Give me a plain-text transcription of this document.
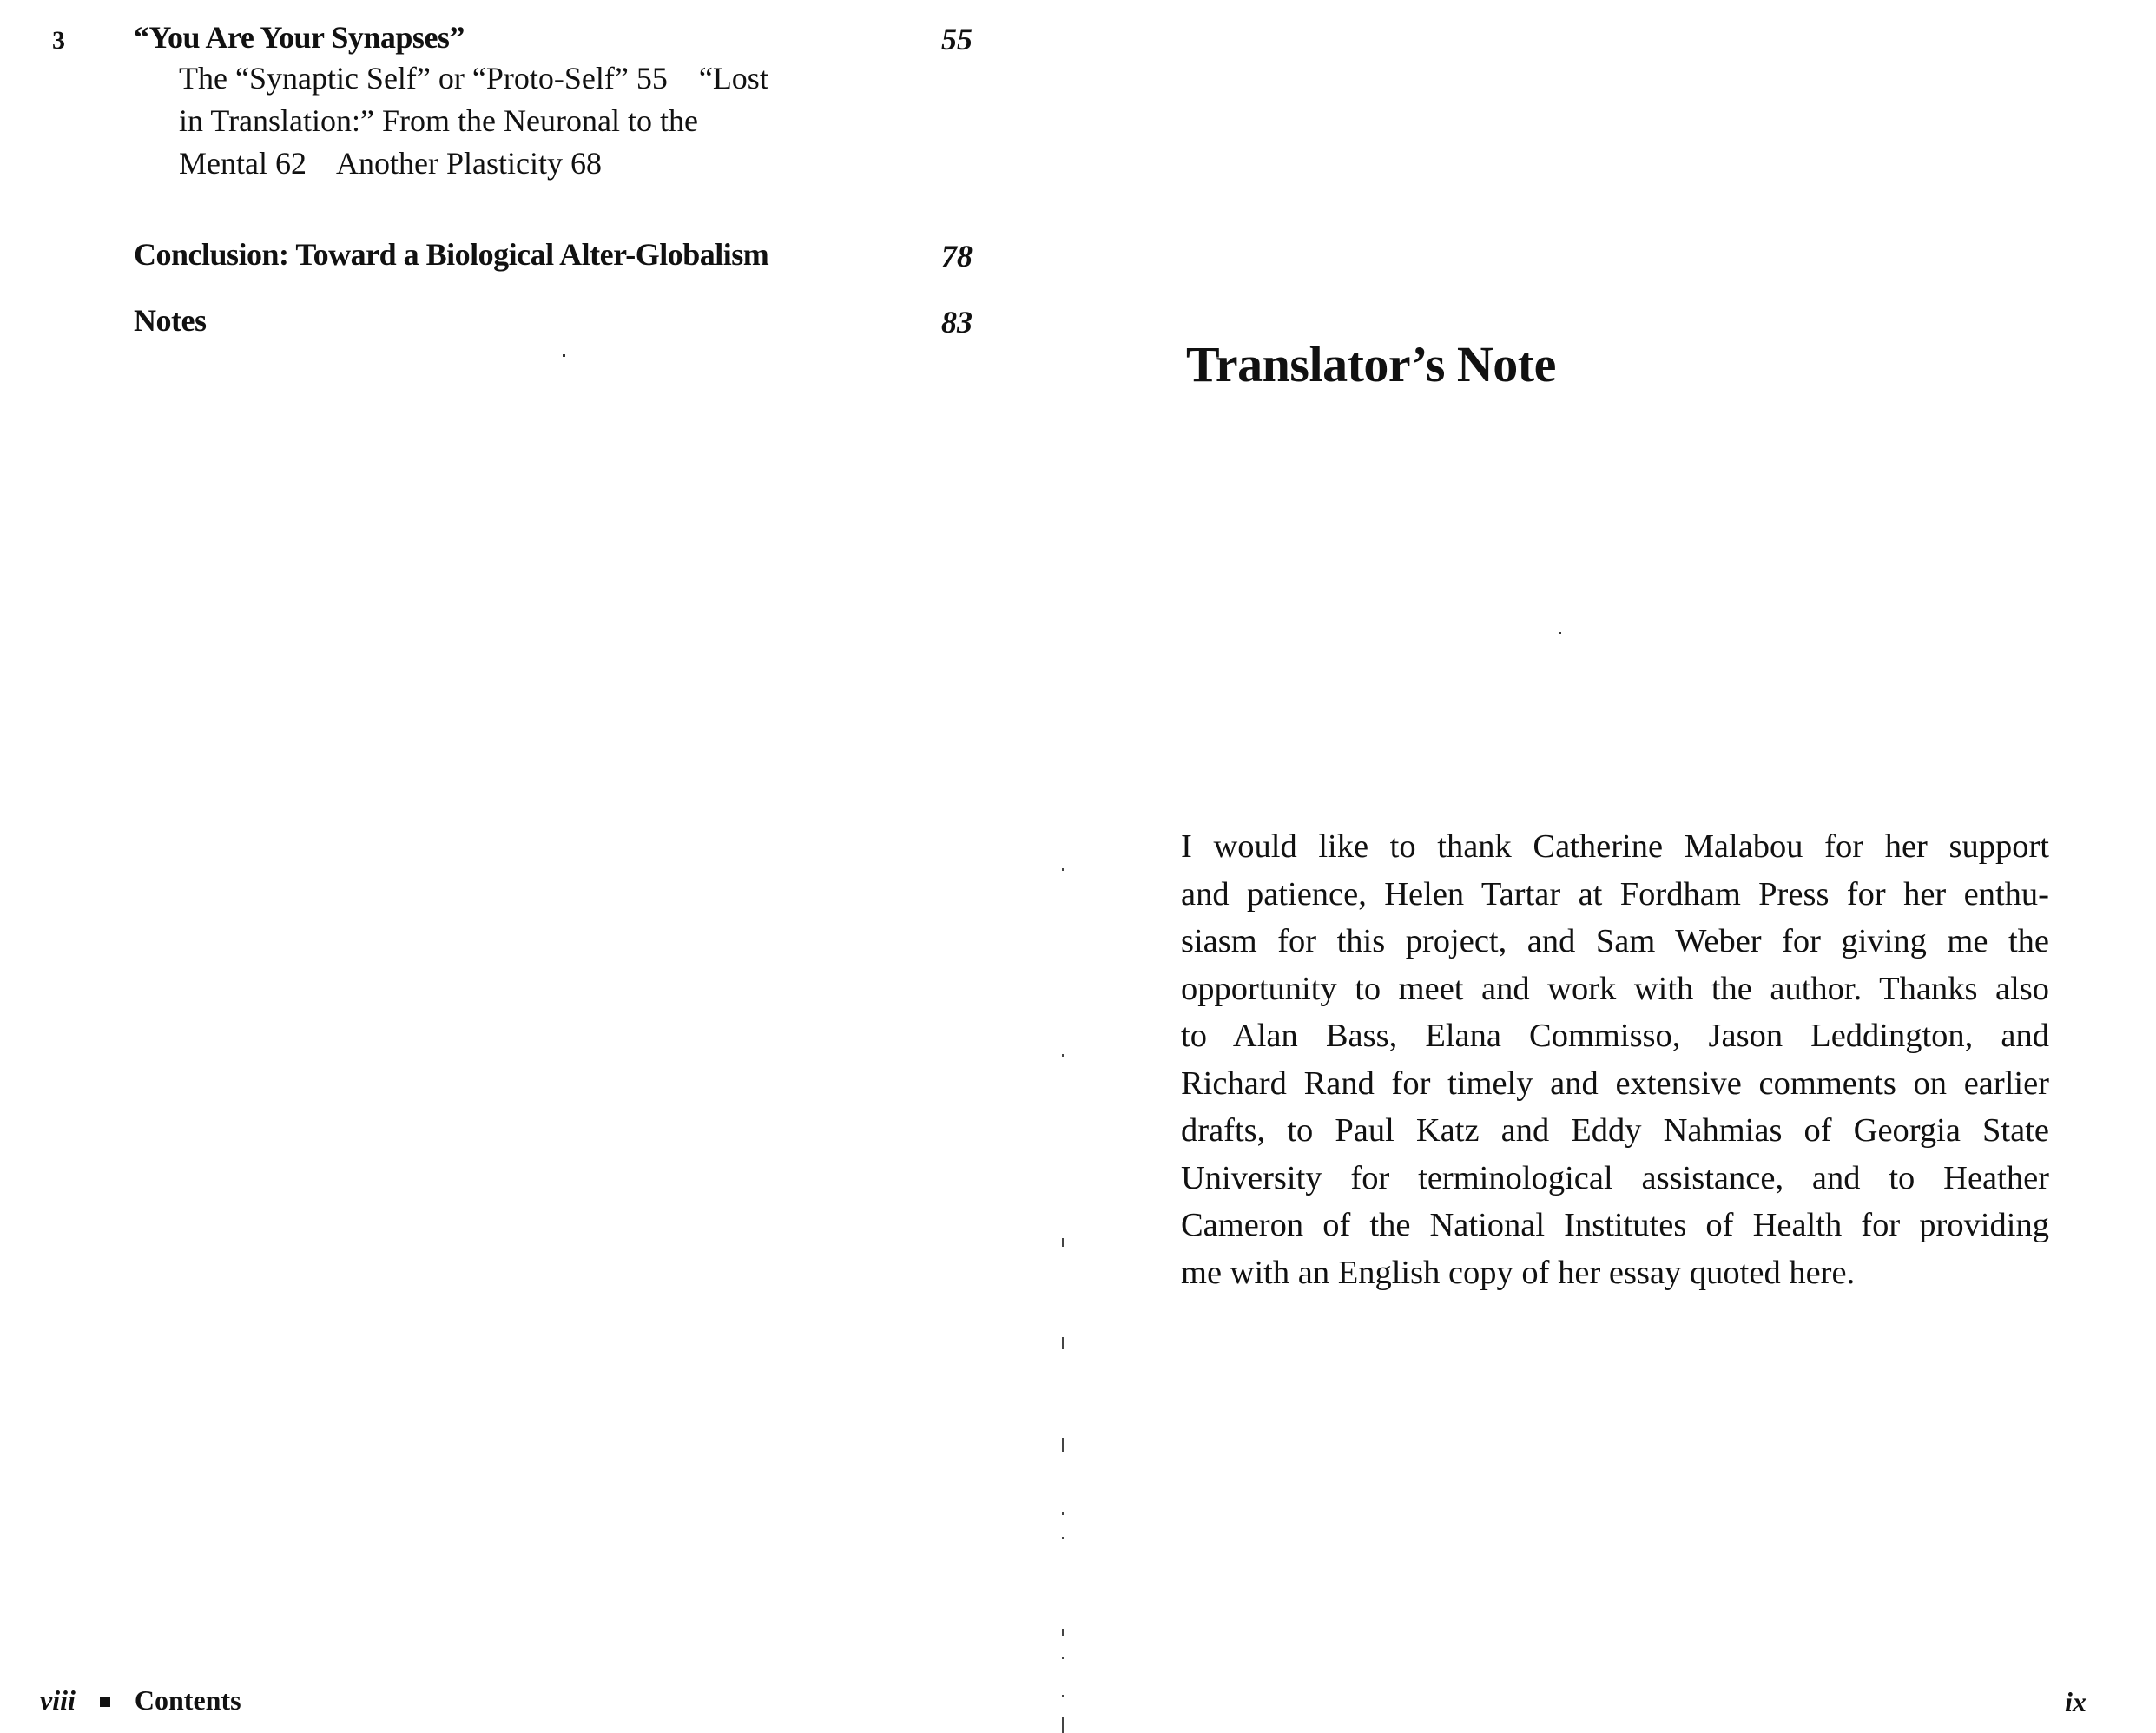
3 “You Are Your Synapses”	55
The “Synaptic Self” or “Proto-Self” 55    “Lost
in Translation:” From the Neuronal to the
Mental 62    Another Plasticity 68
Conclusion: Toward a Biological Alter-Globalism	78
Notes	83
viii Contents
Translator’s Note
I would like to thank Catherine Malabou for her support
and patience, Helen Tartar at Fordham Press for her enthu-
siasm for this project, and Sam Weber for giving me the
opportunity to meet and work with the author. Thanks also
to Alan Bass, Elana Commisso, Jason Leddington, and
Richard Rand for timely and extensive comments on earlier
drafts, to Paul Katz and Eddy Nahmias of Georgia State
University for terminological assistance, and to Heather
Cameron of the National Institutes of Health for providing
me with an English copy of her essay quoted here.
ix
